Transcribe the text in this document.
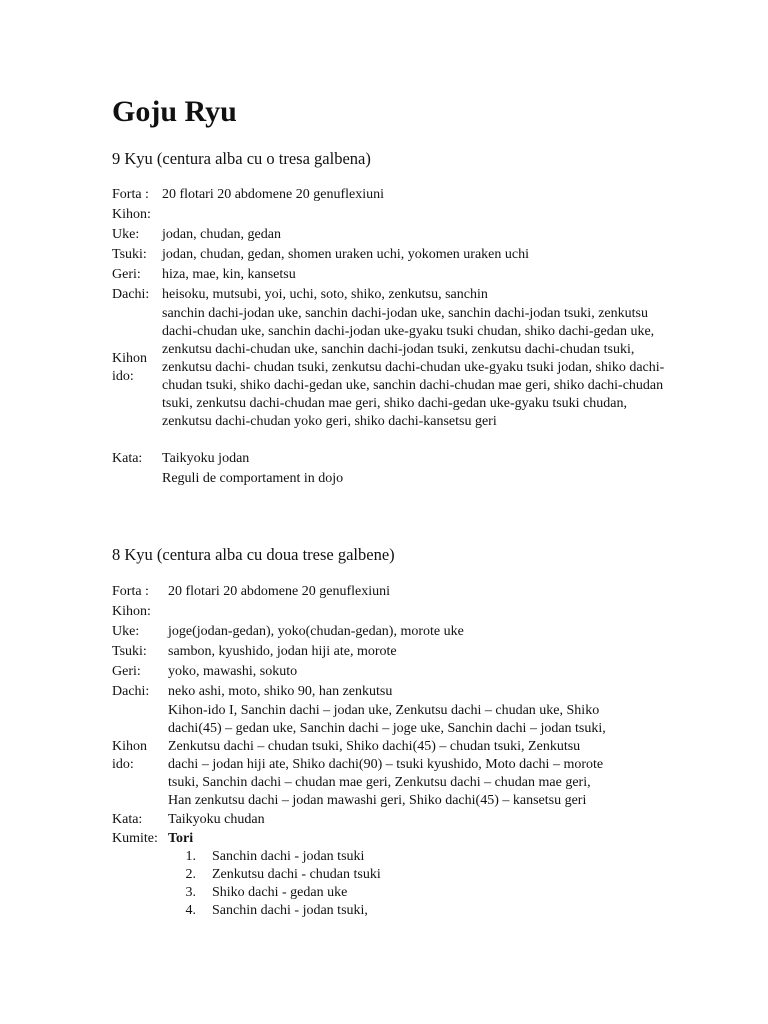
Goju Ryu

9 Kyu (centura alba cu o tresa galbena)

Forta : 20 flotari 20 abdomene 20 genuflexiuni
Kihon:
Uke:	jodan, chudan, gedan
Tsuki:	jodan, chudan, gedan, shomen uraken uchi, yokomen uraken uchi
Geri:	hiza, mae, kin, kansetsu
Dachi: heisoku, mutsubi, yoi, uchi, soto, shiko, zenkutsu, sanchin
Kihon ido:
sanchin dachi-jodan uke, sanchin dachi-jodan uke, sanchin dachi-jodan tsuki, zenkutsu dachi-chudan uke, sanchin dachi-jodan uke-gyaku tsuki chudan, shiko dachi-gedan uke, zenkutsu dachi-chudan uke, sanchin dachi-jodan tsuki, zenkutsu dachi-chudan tsuki, zenkutsu dachi- chudan tsuki, zenkutsu dachi-chudan uke-gyaku tsuki jodan, shiko dachi-chudan tsuki, shiko dachi-gedan uke, sanchin dachi-chudan mae geri, shiko dachi-chudan tsuki, zenkutsu dachi-chudan mae geri, shiko dachi-gedan uke-gyaku tsuki chudan, zenkutsu dachi-chudan yoko geri, shiko dachi-kansetsu geri
Kata:	Taikyoku jodan
Reguli de comportament in dojo

8 Kyu (centura alba cu doua trese galbene)

Forta :	20 flotari 20 abdomene 20 genuflexiuni
Kihon:
Uke:	joge(jodan-gedan), yoko(chudan-gedan), morote uke
Tsuki:	sambon, kyushido, jodan hiji ate, morote
Geri:	yoko, mawashi, sokuto
Dachi:	neko ashi, moto, shiko 90, han zenkutsu
Kihon ido:
Kihon-ido I, Sanchin dachi – jodan uke, Zenkutsu dachi – chudan uke, Shiko dachi(45) – gedan uke, Sanchin dachi – joge uke, Sanchin dachi – jodan tsuki, Zenkutsu dachi – chudan tsuki, Shiko dachi(45) – chudan tsuki, Zenkutsu dachi – jodan hiji ate, Shiko dachi(90) – tsuki kyushido, Moto dachi – morote tsuki, Sanchin dachi – chudan mae geri, Zenkutsu dachi – chudan mae geri, Han zenkutsu dachi – jodan mawashi geri, Shiko dachi(45) – kansetsu geri
Kata:	Taikyoku chudan
Kumite: Tori
1.	Sanchin dachi - jodan tsuki
2.	Zenkutsu dachi - chudan tsuki
3.	Shiko dachi - gedan uke
4.	Sanchin dachi - jodan tsuki,
